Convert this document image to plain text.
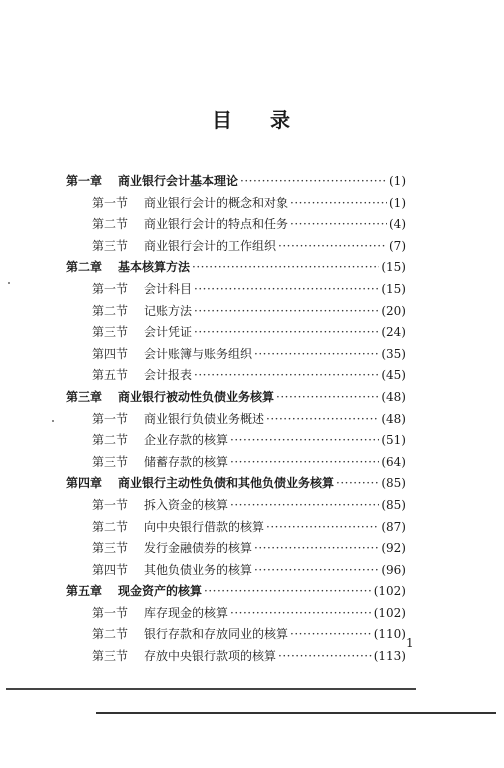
目 录
第一章	商业银行会计基本理论 ·····	(1)
第一节	商业银行会计的概念和对象 ·····	(1)
第二节	商业银行会计的特点和任务 ·····	(4)
第三节	商业银行会计的工作组织 ·····	(7)
第二章	基本核算方法 ·····	(15)
第一节	会计科目 ·····	(15)
第二节	记账方法 ·····	(20)
第三节	会计凭证 ·····	(24)
第四节	会计账簿与账务组织 ·····	(35)
第五节	会计报表 ·····	(45)
第三章	商业银行被动性负债业务核算 ·····	(48)
第一节	商业银行负债业务概述 ·····	(48)
第二节	企业存款的核算 ·····	(51)
第三节	储蓄存款的核算 ·····	(64)
第四章	商业银行主动性负债和其他负债业务核算 ·····	(85)
第一节	拆入资金的核算 ·····	(85)
第二节	向中央银行借款的核算 ·····	(87)
第三节	发行金融债券的核算 ·····	(92)
第四节	其他负债业务的核算 ·····	(96)
第五章	现金资产的核算 ·····	(102)
第一节	库存现金的核算 ·····	(102)
第二节	银行存款和存放同业的核算 ·····	(110)
第三节	存放中央银行款项的核算 ·····	(113)
1
